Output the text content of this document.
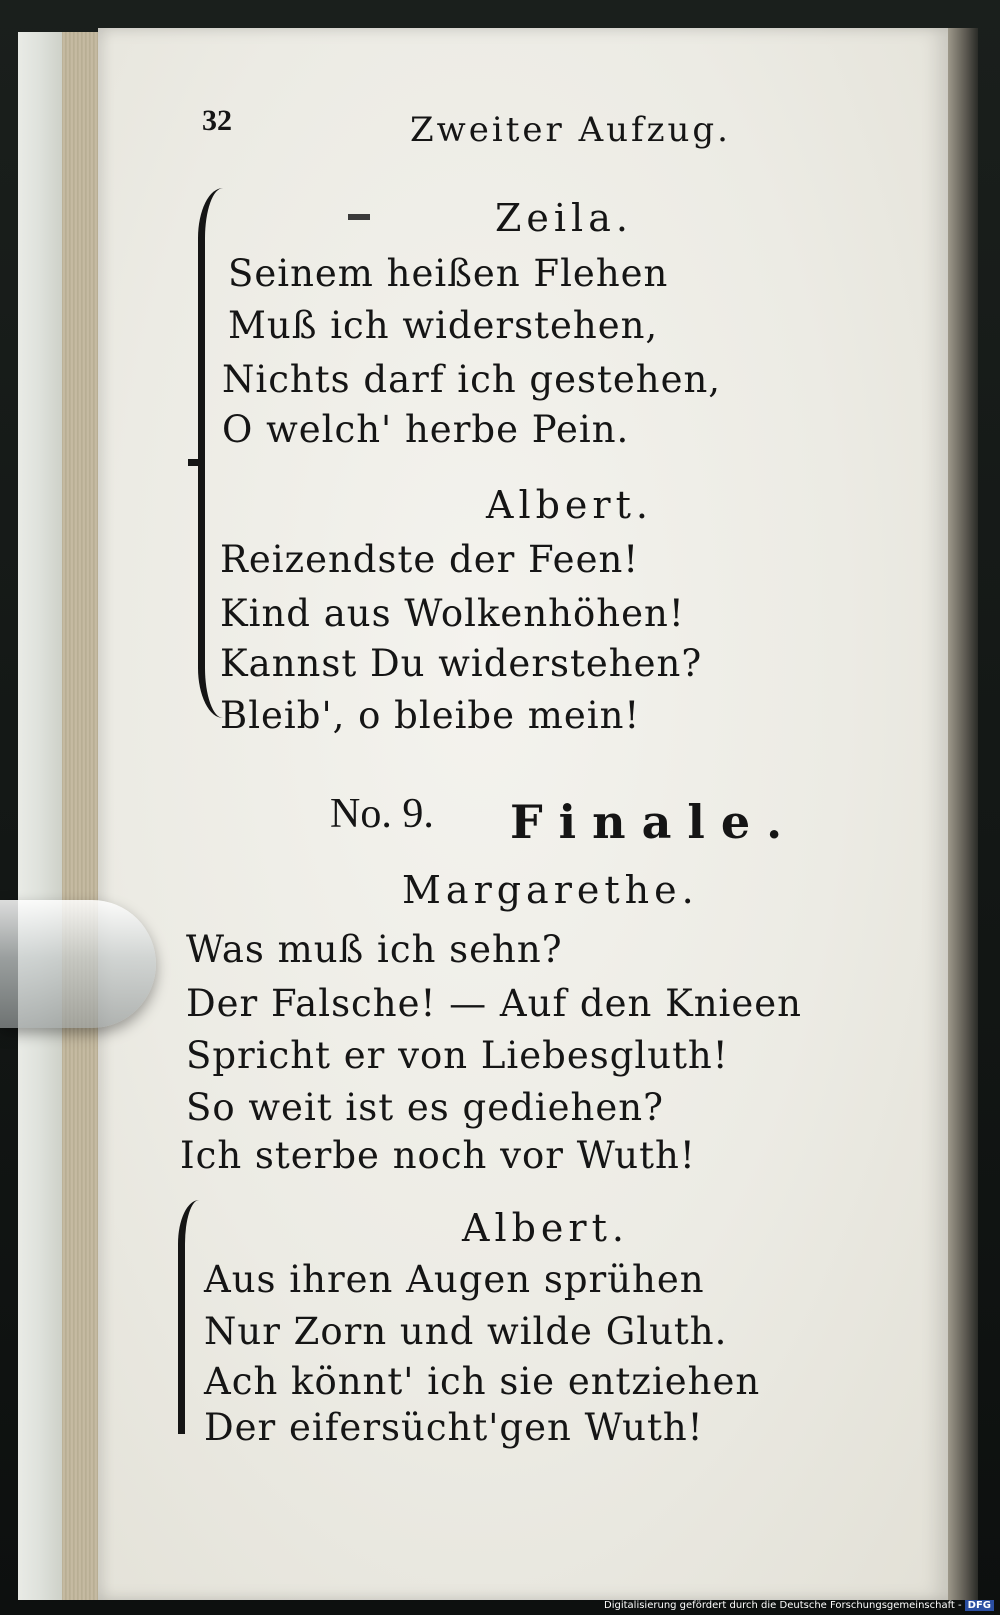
32	Zweiter Aufzug.
Zeila.
Seinem heißen Flehen
Muß ich widerstehen,
Nichts darf ich gestehen,
O welch' herbe Pein.
Albert.
Reizendste der Feen!
Kind aus Wolkenhöhen!
Kannst Du widerstehen?
Bleib', o bleibe mein!
No. 9. Finale.
Margarethe.
Was muß ich sehn?
Der Falsche! — Auf den Knieen
Spricht er von Liebesgluth!
So weit ist es gediehen?
Ich sterbe noch vor Wuth!
Albert.
Aus ihren Augen sprühen
Nur Zorn und wilde Gluth.
Ach könnt' ich sie entziehen
Der eifersücht'gen Wuth!
Digitalisierung gefördert durch die Deutsche Forschungsgemeinschaft - DFG
